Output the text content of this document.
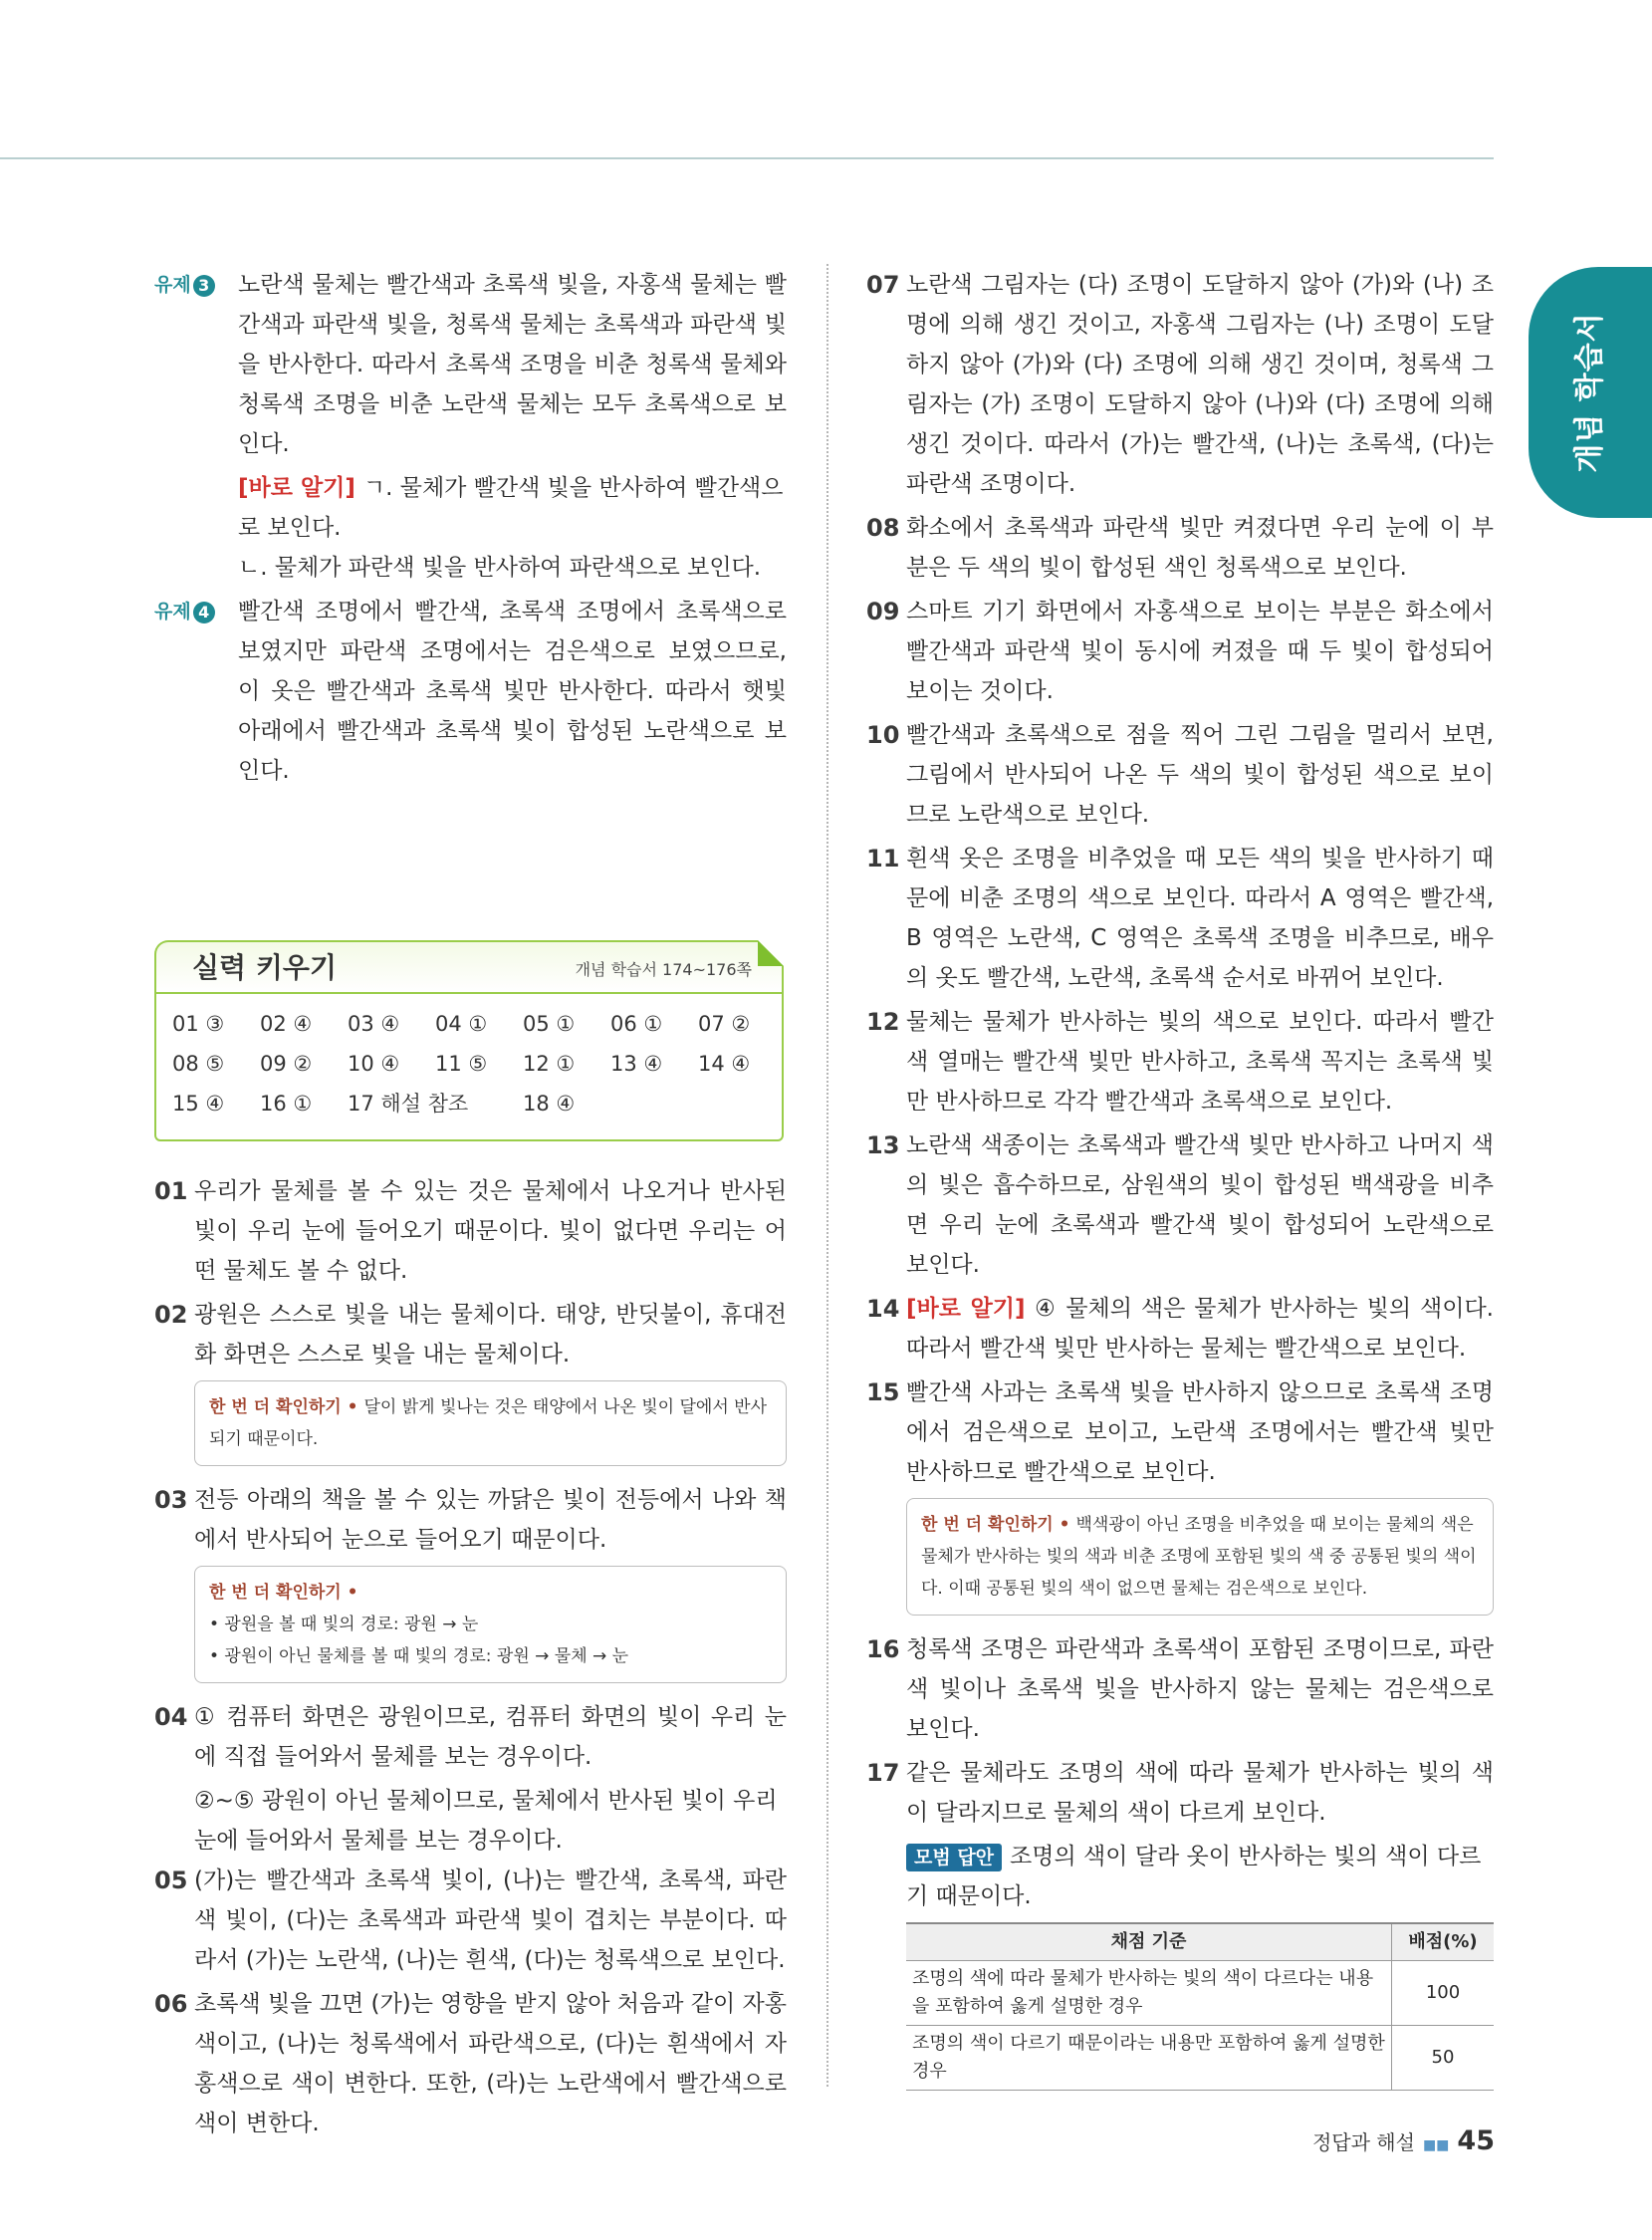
개념 학습서
유제 3 노란색 물체는 빨간색과 초록색 빛을, 자홍색 물체는 빨간색과 파란색 빛을, 청록색 물체는 초록색과 파란색 빛을 반사한다. 따라서 초록색 조명을 비춘 청록색 물체와 청록색 조명을 비춘 노란색 물체는 모두 초록색으로 보인다.
[바로 알기] ㄱ. 물체가 빨간색 빛을 반사하여 빨간색으로 보인다.
ㄴ. 물체가 파란색 빛을 반사하여 파란색으로 보인다.
유제 4 빨간색 조명에서 빨간색, 초록색 조명에서 초록색으로 보였지만 파란색 조명에서는 검은색으로 보였으므로, 이 옷은 빨간색과 초록색 빛만 반사한다. 따라서 햇빛 아래에서 빨간색과 초록색 빛이 합성된 노란색으로 보인다.
실력 키우기	개념 학습서 174~176쪽
01 ③	02 ④	03 ④	04 ①	05 ①	06 ①	07 ②
08 ⑤	09 ②	10 ④	11 ⑤	12 ①	13 ④	14 ④
15 ④	16 ①	17 해설 참조	18 ④
01 우리가 물체를 볼 수 있는 것은 물체에서 나오거나 반사된 빛이 우리 눈에 들어오기 때문이다. 빛이 없다면 우리는 어떤 물체도 볼 수 없다.
02 광원은 스스로 빛을 내는 물체이다. 태양, 반딧불이, 휴대전화 화면은 스스로 빛을 내는 물체이다.
한 번 더 확인하기 • 달이 밝게 빛나는 것은 태양에서 나온 빛이 달에서 반사되기 때문이다.
03 전등 아래의 책을 볼 수 있는 까닭은 빛이 전등에서 나와 책에서 반사되어 눈으로 들어오기 때문이다.
한 번 더 확인하기 •
• 광원을 볼 때 빛의 경로: 광원 → 눈
• 광원이 아닌 물체를 볼 때 빛의 경로: 광원 → 물체 → 눈
04 ① 컴퓨터 화면은 광원이므로, 컴퓨터 화면의 빛이 우리 눈에 직접 들어와서 물체를 보는 경우이다.
②~⑤ 광원이 아닌 물체이므로, 물체에서 반사된 빛이 우리 눈에 들어와서 물체를 보는 경우이다.
05 (가)는 빨간색과 초록색 빛이, (나)는 빨간색, 초록색, 파란색 빛이, (다)는 초록색과 파란색 빛이 겹치는 부분이다. 따라서 (가)는 노란색, (나)는 흰색, (다)는 청록색으로 보인다.
06 초록색 빛을 끄면 (가)는 영향을 받지 않아 처음과 같이 자홍색이고, (나)는 청록색에서 파란색으로, (다)는 흰색에서 자홍색으로 색이 변한다. 또한, (라)는 노란색에서 빨간색으로 색이 변한다.
07 노란색 그림자는 (다) 조명이 도달하지 않아 (가)와 (나) 조명에 의해 생긴 것이고, 자홍색 그림자는 (나) 조명이 도달하지 않아 (가)와 (다) 조명에 의해 생긴 것이며, 청록색 그림자는 (가) 조명이 도달하지 않아 (나)와 (다) 조명에 의해 생긴 것이다. 따라서 (가)는 빨간색, (나)는 초록색, (다)는 파란색 조명이다.
08 화소에서 초록색과 파란색 빛만 켜졌다면 우리 눈에 이 부분은 두 색의 빛이 합성된 색인 청록색으로 보인다.
09 스마트 기기 화면에서 자홍색으로 보이는 부분은 화소에서 빨간색과 파란색 빛이 동시에 켜졌을 때 두 빛이 합성되어 보이는 것이다.
10 빨간색과 초록색으로 점을 찍어 그린 그림을 멀리서 보면, 그림에서 반사되어 나온 두 색의 빛이 합성된 색으로 보이므로 노란색으로 보인다.
11 흰색 옷은 조명을 비추었을 때 모든 색의 빛을 반사하기 때문에 비춘 조명의 색으로 보인다. 따라서 A 영역은 빨간색, B 영역은 노란색, C 영역은 초록색 조명을 비추므로, 배우의 옷도 빨간색, 노란색, 초록색 순서로 바뀌어 보인다.
12 물체는 물체가 반사하는 빛의 색으로 보인다. 따라서 빨간색 열매는 빨간색 빛만 반사하고, 초록색 꼭지는 초록색 빛만 반사하므로 각각 빨간색과 초록색으로 보인다.
13 노란색 색종이는 초록색과 빨간색 빛만 반사하고 나머지 색의 빛은 흡수하므로, 삼원색의 빛이 합성된 백색광을 비추면 우리 눈에 초록색과 빨간색 빛이 합성되어 노란색으로 보인다.
14 [바로 알기] ④ 물체의 색은 물체가 반사하는 빛의 색이다. 따라서 빨간색 빛만 반사하는 물체는 빨간색으로 보인다.
15 빨간색 사과는 초록색 빛을 반사하지 않으므로 초록색 조명에서 검은색으로 보이고, 노란색 조명에서는 빨간색 빛만 반사하므로 빨간색으로 보인다.
한 번 더 확인하기 • 백색광이 아닌 조명을 비추었을 때 보이는 물체의 색은 물체가 반사하는 빛의 색과 비춘 조명에 포함된 빛의 색 중 공통된 빛의 색이다. 이때 공통된 빛의 색이 없으면 물체는 검은색으로 보인다.
16 청록색 조명은 파란색과 초록색이 포함된 조명이므로, 파란색 빛이나 초록색 빛을 반사하지 않는 물체는 검은색으로 보인다.
17 같은 물체라도 조명의 색에 따라 물체가 반사하는 빛의 색이 달라지므로 물체의 색이 다르게 보인다.
모범 답안 조명의 색이 달라 옷이 반사하는 빛의 색이 다르기 때문이다.
채점 기준	배점(%)
조명의 색에 따라 물체가 반사하는 빛의 색이 다르다는 내용을 포함하여 옳게 설명한 경우	100
조명의 색이 다르기 때문이라는 내용만 포함하여 옳게 설명한 경우	50
정답과 해설 ■■ 45
